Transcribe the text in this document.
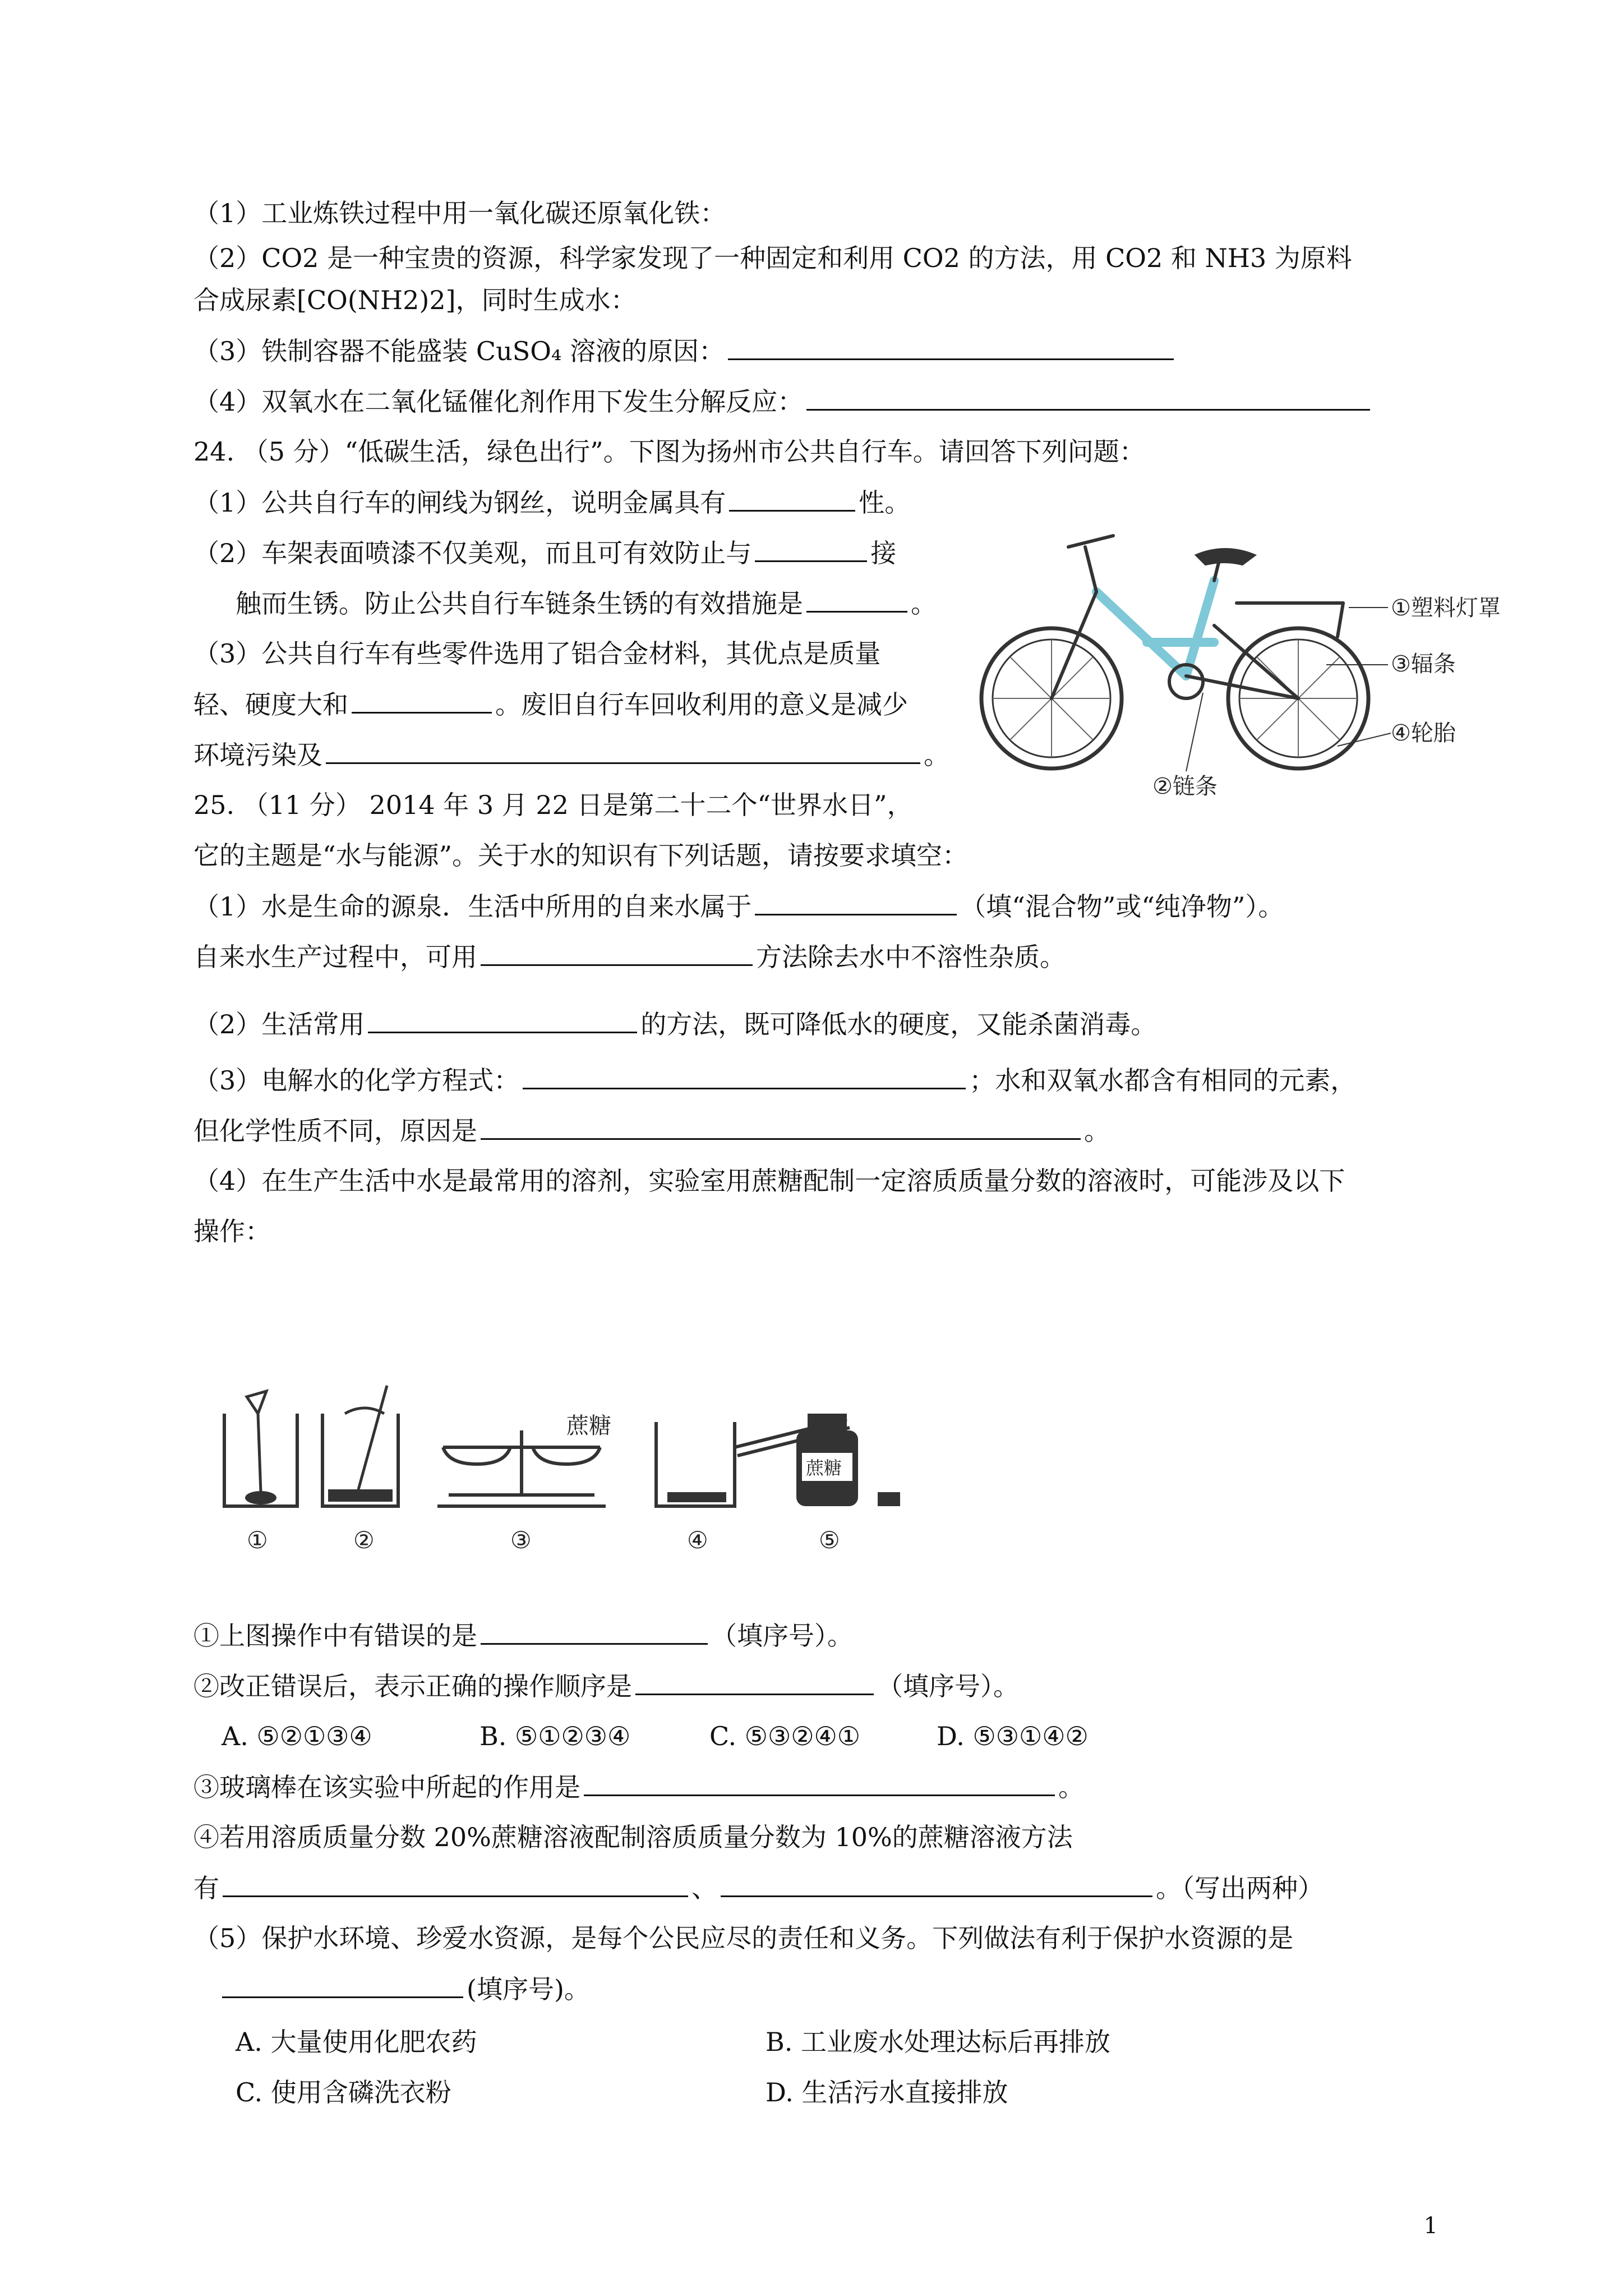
（1）工业炼铁过程中用一氧化碳还原氧化铁：
（2）CO2 是一种宝贵的资源，科学家发现了一种固定和利用 CO2 的方法，用 CO2 和 NH3 为原料
合成尿素[CO(NH2)2]，同时生成水：
（3）铁制容器不能盛装 CuSO₄ 溶液的原因：
（4）双氧水在二氧化锰催化剂作用下发生分解反应：
24. （5 分）“低碳生活，绿色出行”。下图为扬州市公共自行车。请回答下列问题：
（1）公共自行车的闸线为钢丝，说明金属具有	性。
（2）车架表面喷漆不仅美观，而且可有效防止与	接
触而生锈。防止公共自行车链条生锈的有效措施是	。
（3）公共自行车有些零件选用了铝合金材料，其优点是质量
轻、硬度大和	。废旧自行车回收利用的意义是减少
环境污染及	。
①塑料灯罩
③辐条
④轮胎
②链条
25. （11 分） 2014 年 3 月 22 日是第二十二个“世界水日”，
它的主题是“水与能源”。关于水的知识有下列话题，请按要求填空：
（1）水是生命的源泉．生活中所用的自来水属于	（填“混合物”或“纯净物”）。
自来水生产过程中，可用	方法除去水中不溶性杂质。
（2）生活常用	的方法，既可降低水的硬度，又能杀菌消毒。
（3）电解水的化学方程式：	；水和双氧水都含有相同的元素，
但化学性质不同，原因是	。
（4）在生产生活中水是最常用的溶剂，实验室用蔗糖配制一定溶质质量分数的溶液时，可能涉及以下
操作：
蔗糖
蔗糖
①	②	③	④	⑤
①上图操作中有错误的是	（填序号）。
②改正错误后，表示正确的操作顺序是	（填序号）。
A. ⑤②①③④	B. ⑤①②③④	C. ⑤③②④①	D. ⑤③①④②
③玻璃棒在该实验中所起的作用是	。
④若用溶质质量分数 20%蔗糖溶液配制溶质质量分数为 10%的蔗糖溶液方法
有	、	。（写出两种）
（5）保护水环境、珍爱水资源，是每个公民应尽的责任和义务。下列做法有利于保护水资源的是
(填序号)。
A. 大量使用化肥农药	B. 工业废水处理达标后再排放
C. 使用含磷洗衣粉	D. 生活污水直接排放
1
